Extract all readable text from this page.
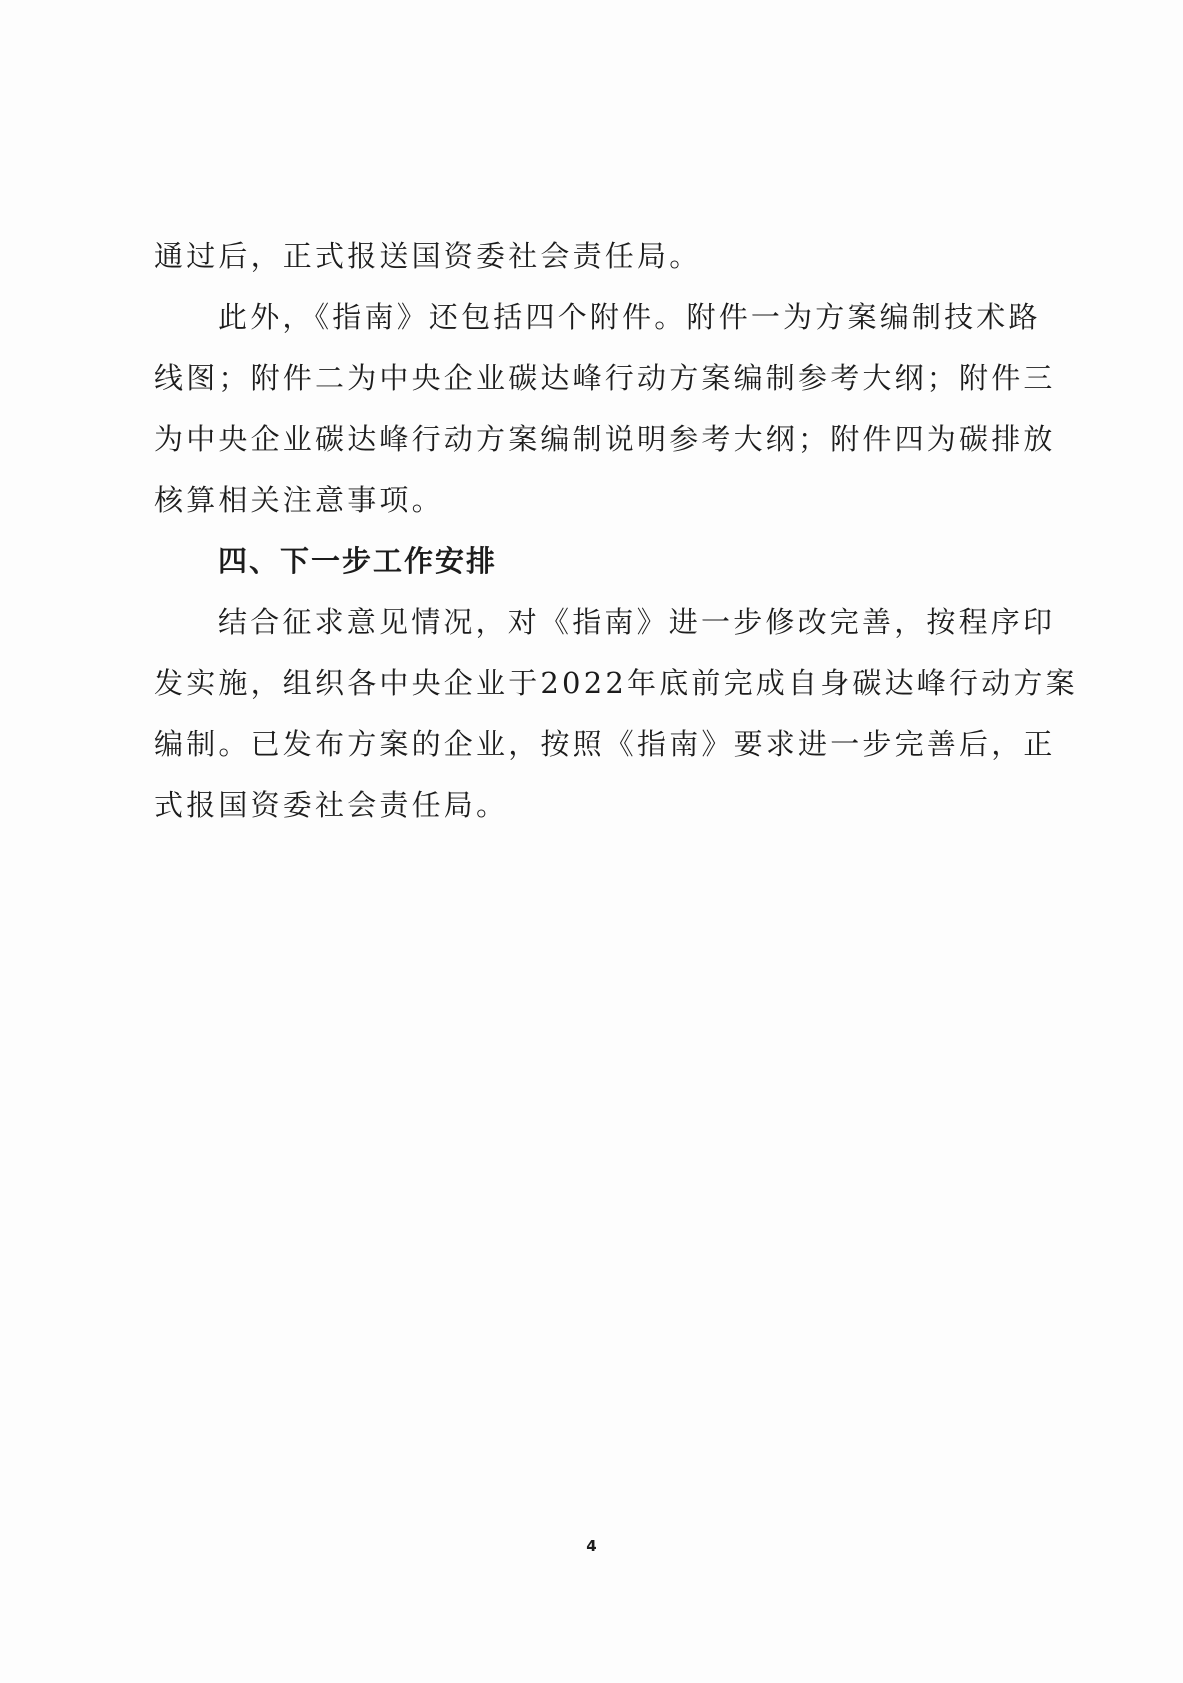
通过后，正式报送国资委社会责任局。
此外，《指南》还包括四个附件。附件一为方案编制技术路
线图；附件二为中央企业碳达峰行动方案编制参考大纲；附件三
为中央企业碳达峰行动方案编制说明参考大纲；附件四为碳排放
核算相关注意事项。
四、下一步工作安排
结合征求意见情况，对《指南》进一步修改完善，按程序印
发实施，组织各中央企业于2022年底前完成自身碳达峰行动方案
编制。已发布方案的企业，按照《指南》要求进一步完善后，正
式报国资委社会责任局。
4
